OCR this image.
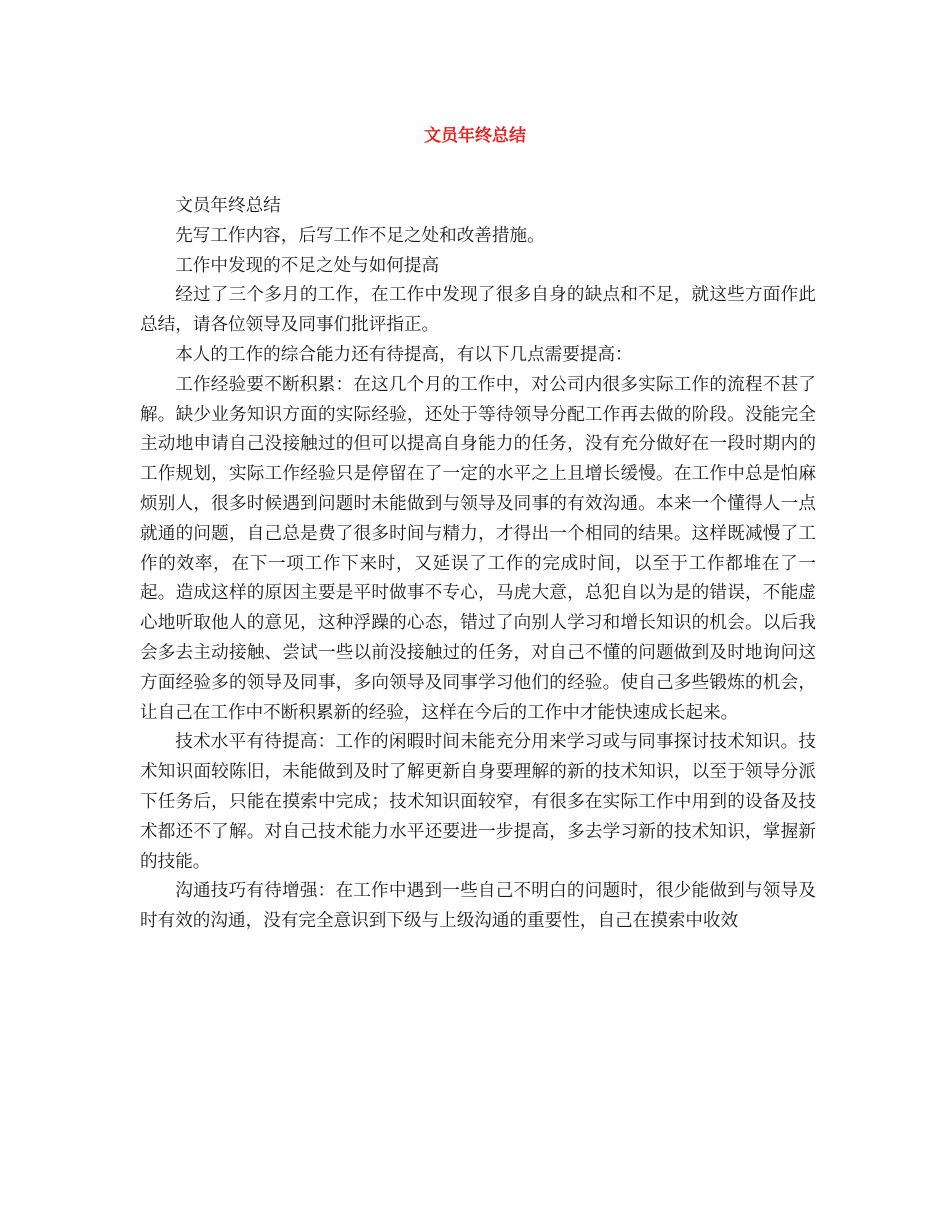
文员年终总结

文员年终总结

先写工作内容，后写工作不足之处和改善措施。

工作中发现的不足之处与如何提高

经过了三个多月的工作，在工作中发现了很多自身的缺点和不足，就这些方面作此总结，请各位领导及同事们批评指正。

本人的工作的综合能力还有待提高，有以下几点需要提高：

工作经验要不断积累：在这几个月的工作中，对公司内很多实际工作的流程不甚了解。缺少业务知识方面的实际经验，还处于等待领导分配工作再去做的阶段。没能完全主动地申请自己没接触过的但可以提高自身能力的任务，没有充分做好在一段时期内的工作规划，实际工作经验只是停留在了一定的水平之上且增长缓慢。在工作中总是怕麻烦别人，很多时候遇到问题时未能做到与领导及同事的有效沟通。本来一个懂得人一点就通的问题，自己总是费了很多时间与精力，才得出一个相同的结果。这样既减慢了工作的效率，在下一项工作下来时，又延误了工作的完成时间，以至于工作都堆在了一起。造成这样的原因主要是平时做事不专心，马虎大意，总犯自以为是的错误，不能虚心地听取他人的意见，这种浮躁的心态，错过了向别人学习和增长知识的机会。以后我会多去主动接触、尝试一些以前没接触过的任务，对自己不懂的问题做到及时地询问这方面经验多的领导及同事，多向领导及同事学习他们的经验。使自己多些锻炼的机会，让自己在工作中不断积累新的经验，这样在今后的工作中才能快速成长起来。

技术水平有待提高：工作的闲暇时间未能充分用来学习或与同事探讨技术知识。技术知识面较陈旧，未能做到及时了解更新自身要理解的新的技术知识，以至于领导分派下任务后，只能在摸索中完成；技术知识面较窄，有很多在实际工作中用到的设备及技术都还不了解。对自己技术能力水平还要进一步提高，多去学习新的技术知识，掌握新的技能。

沟通技巧有待增强：在工作中遇到一些自己不明白的问题时，很少能做到与领导及时有效的沟通，没有完全意识到下级与上级沟通的重要性，自己在摸索中收效
